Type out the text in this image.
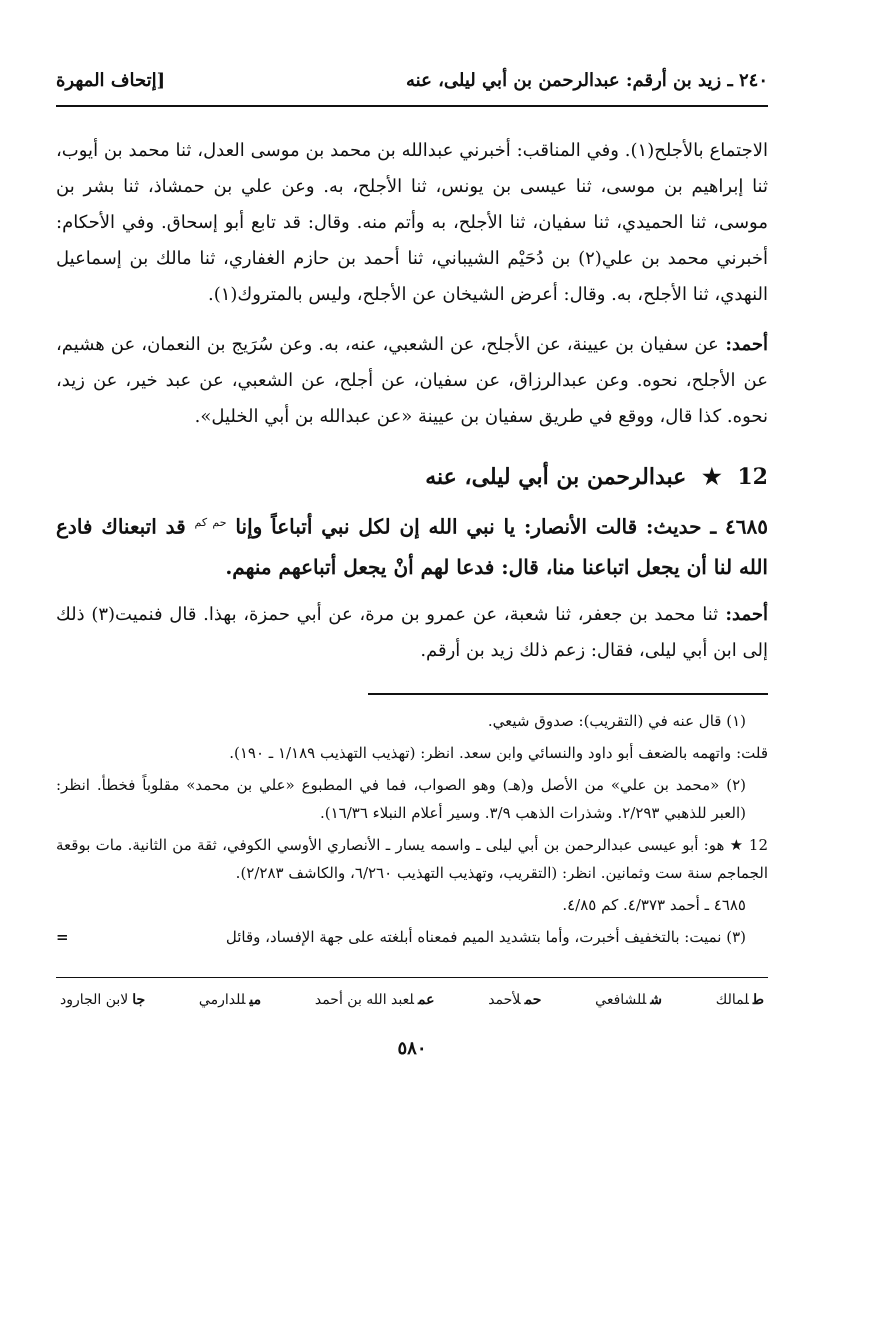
٢٤٠ ـ زيد بن أرقم: عبدالرحمن بن أبي ليلى، عنه
[إتحاف المهرة

الاجتماع بالأجلح(١). وفي المناقب: أخبرني عبدالله بن محمد بن موسى العدل، ثنا محمد بن أيوب، ثنا إبراهيم بن موسى، ثنا عيسى بن يونس، ثنا الأجلح، به. وعن علي بن حمشاذ، ثنا بشر بن موسى، ثنا الحميدي، ثنا سفيان، ثنا الأجلح، به وأتم منه. وقال: قد تابع أبو إسحاق. وفي الأحكام: أخبرني محمد بن علي(٢) بن دُحَيْم الشيباني، ثنا أحمد بن حازم الغفاري، ثنا مالك بن إسماعيل النهدي، ثنا الأجلح، به. وقال: أعرض الشيخان عن الأجلح، وليس بالمتروك(١).

أحمد: عن سفيان بن عيينة، عن الأجلح، عن الشعبي، عنه، به. وعن سُرَيج بن النعمان، عن هشيم، عن الأجلح، نحوه. وعن عبدالرزاق، عن سفيان، عن أجلح، عن الشعبي، عن عبد خير، عن زيد، نحوه. كذا قال، ووقع في طريق سفيان بن عيينة «عن عبدالله بن أبي الخليل».

12 ★ عبدالرحمن بن أبي ليلى، عنه
٤٦٨٥ ـ حديث: قالت الأنصار: يا نبي الله إن لكل نبي أتباعاً وإنا $^{حم كم}$ قد اتبعناك فادع الله لنا أن يجعل اتباعنا منا، قال: فدعا لهم أنْ يجعل أتباعهم منهم.

أحمد: ثنا محمد بن جعفر، ثنا شعبة، عن عمرو بن مرة، عن أبي حمزة، بهذا. قال فنميت(٣) ذلك إلى ابن أبي ليلى، فقال: زعم ذلك زيد بن أرقم.

(١) قال عنه في (التقريب): صدوق شيعي.

قلت: واتهمه بالضعف أبو داود والنسائي وابن سعد. انظر: (تهذيب التهذيب ١/١٨٩ ـ ١٩٠).

(٢) «محمد بن علي» من الأصل و(هـ) وهو الصواب، فما في المطبوع «علي بن محمد» مقلوباً فخطأ. انظر: (العبر للذهبي ٢/٢٩٣. وشذرات الذهب ٣/٩. وسير أعلام النبلاء ١٦/٣٦).

12 ★ هو: أبو عيسى عبدالرحمن بن أبي ليلى ـ واسمه يسار ـ الأنصاري الأوسي الكوفي، ثقة من الثانية. مات بوقعة الجماجم سنة ست وثمانين. انظر: (التقريب، وتهذيب التهذيب ٦/٢٦٠، والكاشف ٢/٢٨٣).

٤٦٨٥ ـ أحمد ٤/٣٧٣. كم ٤/٨٥.

(٣) نميت: بالتخفيف أخبرت، وأما بتشديد الميم فمعناه أبلغته على جهة الإفساد، وقائل
=

طلمالك
شللشافعي
حملأحمد
عملعبد الله بن أحمد
ميللدارمي
جالابن الجارود
٥٨٠
